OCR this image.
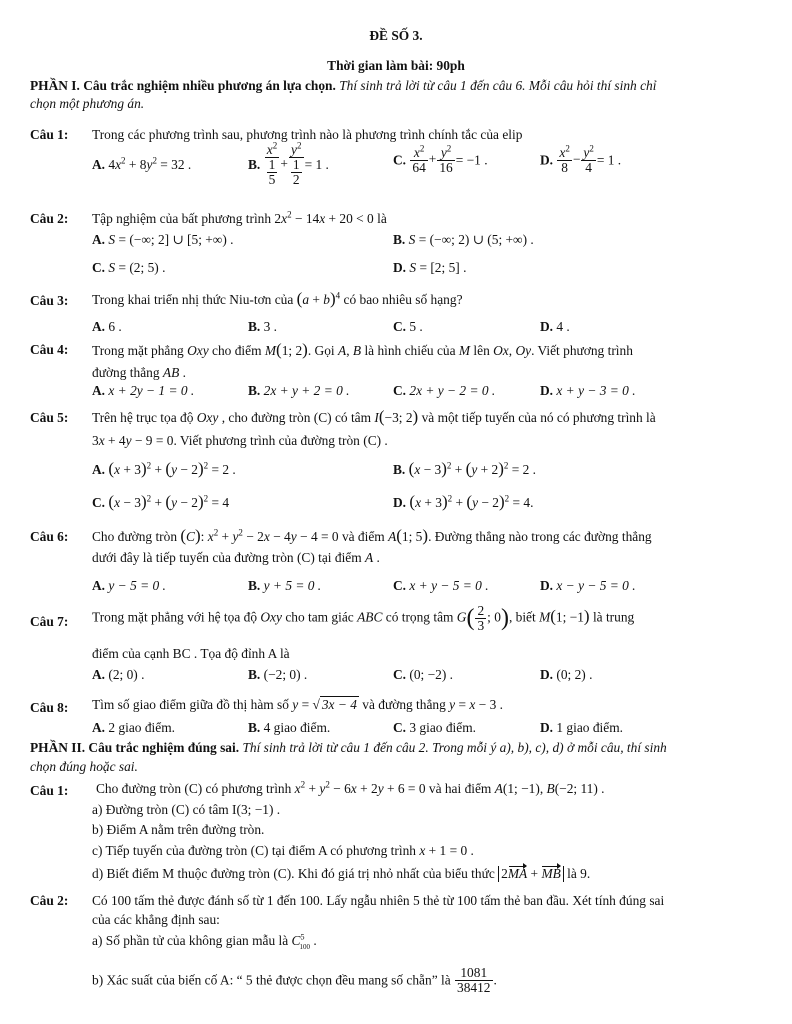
ĐỀ SỐ 3.
Thời gian làm bài: 90ph
PHẦN I. Câu trắc nghiệm nhiều phương án lựa chọn. Thí sinh trả lời từ câu 1 đến câu 6. Mỗi câu hỏi thí sinh chỉ
chọn một phương án.
Câu 1: Trong các phương trình sau, phương trình nào là phương trình chính tắc của elip
A. $4x^2 + 8y^2 = 32$ .	B. $\frac{x^2}{\frac{1}{5}} + \frac{y^2}{\frac{1}{2}} = 1$ .	C. $\frac{x^2}{64} + \frac{y^2}{16} = -1$ .	D. $\frac{x^2}{8} - \frac{y^2}{4} = 1$ .
Câu 2: Tập nghiệm của bất phương trình $2x^2 - 14x + 20 < 0$ là
A. S = (−∞; 2] ∪ [5; +∞) .	B. S = (−∞; 2) ∪ (5; +∞) .
C. S = (2; 5) .	D. S = [2; 5] .
Câu 3: Trong khai triển nhị thức Niu-tơn của $(a + b)^4$ có bao nhiêu số hạng?
A. 6 .	B. 3 .	C. 5 .	D. 4 .
Câu 4: Trong mặt phẳng Oxy cho điểm M(1; 2). Gọi A, B là hình chiếu của M lên Ox, Oy. Viết phương trình
đường thẳng AB .
A. x + 2y − 1 = 0 .	B. 2x + y + 2 = 0 .	C. 2x + y − 2 = 0 .	D. x + y − 3 = 0 .
Câu 5: Trên hệ trục tọa độ Oxy , cho đường tròn (C) có tâm I(−3; 2) và một tiếp tuyến của nó có phương trình là
3x + 4y − 9 = 0. Viết phương trình của đường tròn (C) .
A. $(x + 3)^2 + (y - 2)^2 = 2$ .	B. $(x - 3)^2 + (y + 2)^2 = 2$ .
C. $(x - 3)^2 + (y - 2)^2 = 4$	D. $(x + 3)^2 + (y - 2)^2 = 4$.
Câu 6: Cho đường tròn (C): $x^2 + y^2 - 2x - 4y - 4 = 0$ và điểm A(1; 5). Đường thẳng nào trong các đường thẳng
dưới đây là tiếp tuyến của đường tròn (C) tại điểm A .
A. y − 5 = 0 .	B. y + 5 = 0 .	C. x + y − 5 = 0 .	D. x − y − 5 = 0 .
Câu 7: Trong mặt phẳng với hệ tọa độ Oxy cho tam giác ABC có trọng tâm $G( \frac{2}{3}$ ; 0), biết M(1; −1) là trung
điểm của cạnh BC . Tọa độ đỉnh A là
A. (2; 0) .	B. (−2; 0) .	C. (0; −2) .	D. (0; 2) .
Câu 8: Tìm số giao điểm giữa đồ thị hàm số y = √ 3x − 4 và đường thẳng y = x − 3 .
A. 2 giao điểm.	B. 4 giao điểm.	C. 3 giao điểm.	D. 1 giao điểm.
PHẦN II. Câu trắc nghiệm đúng sai. Thí sinh trả lời từ câu 1 đến câu 2. Trong mỗi ý a), b), c), d) ở mỗi câu, thí sinh
chọn đúng hoặc sai.
Câu 1: Cho đường tròn (C) có phương trình $x^2 + y^2 - 6x + 2y + 6 = 0$ và hai điểm A(1; −1), B(−2; 11) .
a) Đường tròn (C) có tâm I(3; −1) .
b) Điểm A nằm trên đường tròn.
c) Tiếp tuyến của đường tròn (C) tại điểm A có phương trình x + 1 = 0 .
d) Biết điểm M thuộc đường tròn (C). Khi đó giá trị nhỏ nhất của biểu thức 2MA + MB là 9.
Câu 2: Có 100 tấm thẻ được đánh số từ 1 đến 100. Lấy ngẫu nhiên 5 thẻ từ 100 tấm thẻ ban đầu. Xét tính đúng sai
của các khẳng định sau:
a) Số phần tử của không gian mẫu là $C^5_{100}$ .
b) Xác suất của biến cố A: “ 5 thẻ được chọn đều mang số chẵn” là $\frac{1081}{38412}$ .
